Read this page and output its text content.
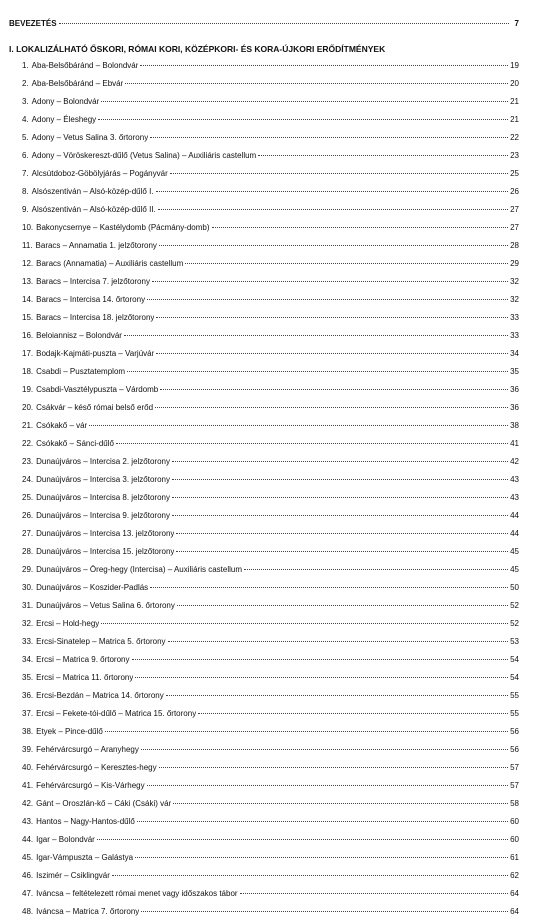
BEVEZETÉS	7
I. LOKALIZÁLHATÓ ŐSKORI, RÓMAI KORI, KÖZÉPKORI- ÉS KORA-ÚJKORI ERŐDÍTMÉNYEK
1. Aba-Belsőbáránd – Bolondvár	19
2. Aba-Belsőbáránd – Ebvár	20
3. Adony – Bolondvár	21
4. Adony – Éleshegy	21
5. Adony – Vetus Salina 3. őrtorony	22
6. Adony – Vöröskereszt-dűlő (Vetus Salina) – Auxiliáris castellum	23
7. Alcsútdoboz-Göbölyjárás – Pogányvár	25
8. Alsószentiván – Alsó-közép-dűlő I.	26
9. Alsószentiván – Alsó-közép-dűlő II.	27
10. Bakonycsernye – Kastélydomb (Pácmány-domb)	27
11. Baracs – Annamatia 1. jelzőtorony	28
12. Baracs (Annamatia) – Auxiliáris castellum	29
13. Baracs – Intercisa 7. jelzőtorony	32
14. Baracs – Intercisa 14. őrtorony	32
15. Baracs – Intercisa 18. jelzőtorony	33
16. Beloiannisz – Bolondvár	33
17. Bodajk-Kajmáti-puszta – Varjúvár	34
18. Csabdi – Pusztatemplom	35
19. Csabdi-Vasztélypuszta – Várdomb	36
20. Csákvár – késő római belső erőd	36
21. Csókakő – vár	38
22. Csókakő – Sánci-dűlő	41
23. Dunaújváros – Intercisa 2. jelzőtorony	42
24. Dunaújváros – Intercisa 3. jelzőtorony	43
25. Dunaújváros – Intercisa 8. jelzőtorony	43
26. Dunaújváros – Intercisa 9. jelzőtorony	44
27. Dunaújváros – Intercisa 13. jelzőtorony	44
28. Dunaújváros – Intercisa 15. jelzőtorony	45
29. Dunaújváros – Öreg-hegy (Intercisa) – Auxiliáris castellum	45
30. Dunaújváros – Koszider-Padlás	50
31. Dunaújváros – Vetus Salina 6. őrtorony	52
32. Ercsi – Hold-hegy	52
33. Ercsi-Sinatelep – Matrica 5. őrtorony	53
34. Ercsi – Matrica 9. őrtorony	54
35. Ercsi – Matrica 11. őrtorony	54
36. Ercsi-Bezdán – Matrica 14. őrtorony	55
37. Ercsi – Fekete-tói-dűlő – Matrica 15. őrtorony	55
38. Etyek – Pince-dűlő	56
39. Fehérvárcsurgó – Aranyhegy	56
40. Fehérvárcsurgó – Keresztes-hegy	57
41. Fehérvárcsurgó – Kis-Várhegy	57
42. Gánt – Oroszlán-kő – Cáki (Csáki) vár	58
43. Hantos – Nagy-Hantos-dűlő	60
44. Igar – Bolondvár	60
45. Igar-Vámpuszta – Galástya	61
46. Iszimér – Csiklingvár	62
47. Iváncsa – feltételezett római menet vagy időszakos tábor	64
48. Iváncsa – Matrica 7. őrtorony	64
